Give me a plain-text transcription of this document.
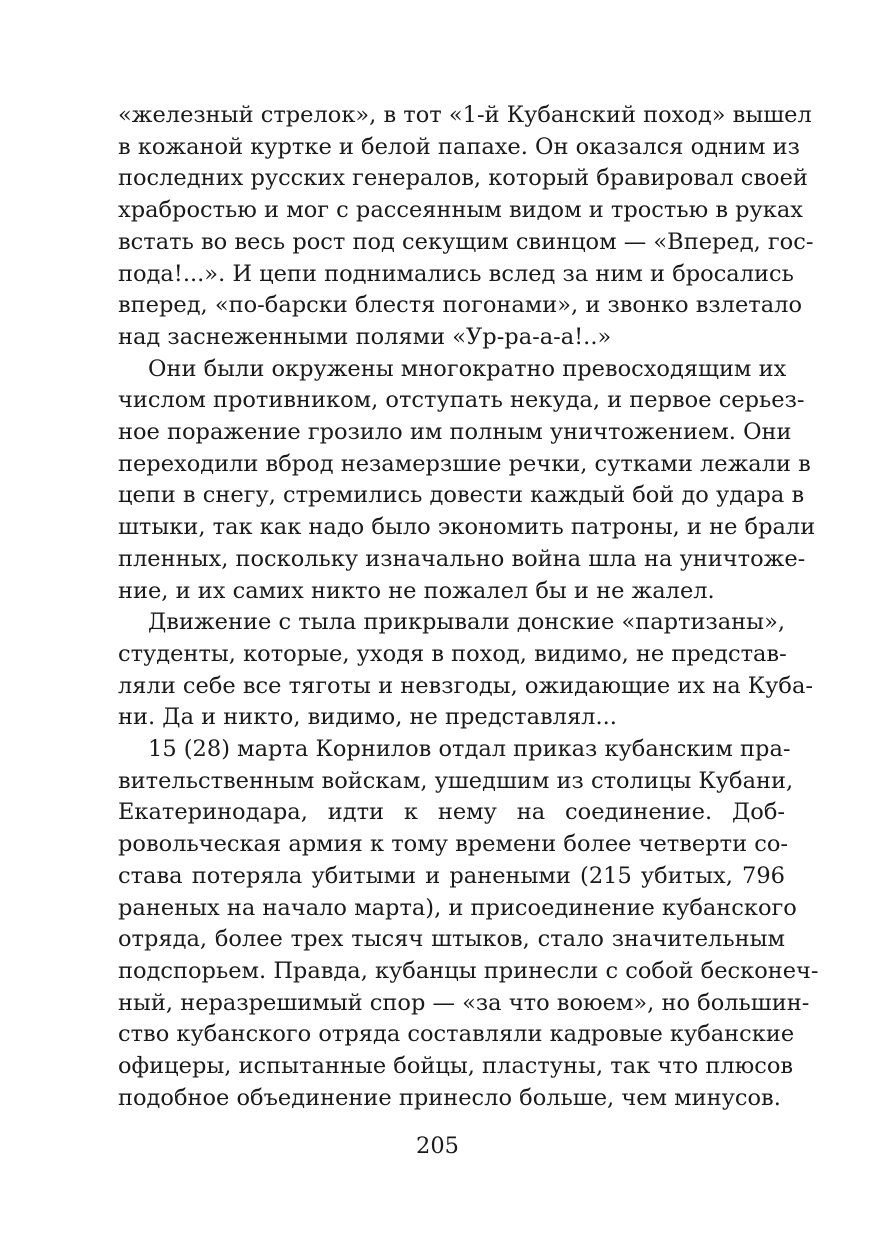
«железный стрелок», в тот «1-й Кубанский поход» вышел
в кожаной куртке и белой папахе. Он оказался одним из
последних русских генералов, который бравировал своей
храбростью и мог с рассеянным видом и тростью в руках
встать во весь рост под секущим свинцом — «Вперед, гос-
пода!...». И цепи поднимались вслед за ним и бросались
вперед, «по-барски блестя погонами», и звонко взлетало
над заснеженными полями «Ур-ра-а-а!..»

Они были окружены многократно превосходящим их
числом противником, отступать некуда, и первое серьез-
ное поражение грозило им полным уничтожением. Они
переходили вброд незамерзшие речки, сутками лежали в
цепи в снегу, стремились довести каждый бой до удара в
штыки, так как надо было экономить патроны, и не брали
пленных, поскольку изначально война шла на уничтоже-
ние, и их самих никто не пожалел бы и не жалел.

Движение с тыла прикрывали донские «партизаны»,
студенты, которые, уходя в поход, видимо, не представ-
ляли себе все тяготы и невзгоды, ожидающие их на Куба-
ни. Да и никто, видимо, не представлял...

15 (28) марта Корнилов отдал приказ кубанским пра-
вительственным войскам, ушедшим из столицы Кубани,
Екатеринодара, идти к нему на соединение. Доб-
ровольческая армия к тому времени более четверти со-
става потеряла убитыми и ранеными (215 убитых, 796
раненых на начало марта), и присоединение кубанского
отряда, более трех тысяч штыков, стало значительным
подспорьем. Правда, кубанцы принесли с собой бесконеч-
ный, неразрешимый спор — «за что воюем», но большин-
ство кубанского отряда составляли кадровые кубанские
офицеры, испытанные бойцы, пластуны, так что плюсов
подобное объединение принесло больше, чем минусов.

205
